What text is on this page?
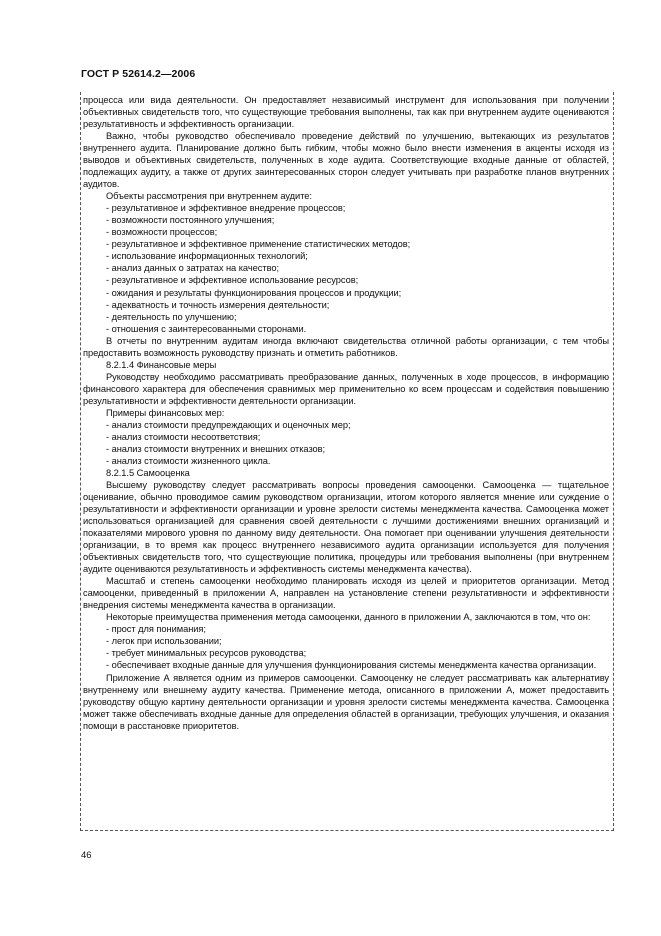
ГОСТ Р 52614.2—2006

процесса или вида деятельности. Он предоставляет независимый инструмент для использования при получении объективных свидетельств того, что существующие требования выполнены, так как при внутреннем аудите оцениваются результативность и эффективность организации.

Важно, чтобы руководство обеспечивало проведение действий по улучшению, вытекающих из результатов внутреннего аудита. Планирование должно быть гибким, чтобы можно было внести изменения в акценты исходя из выводов и объективных свидетельств, полученных в ходе аудита. Соответствующие входные данные от областей, подлежащих аудиту, а также от других заинтересованных сторон следует учитывать при разработке планов внутренних аудитов.

Объекты рассмотрения при внутреннем аудите:

- результативное и эффективное внедрение процессов;

- возможности постоянного улучшения;

- возможности процессов;

- результативное и эффективное применение статистических методов;

- использование информационных технологий;

- анализ данных о затратах на качество;

- результативное и эффективное использование ресурсов;

- ожидания и результаты функционирования процессов и продукции;

- адекватность и точность измерения деятельности;

- деятельность по улучшению;

- отношения с заинтересованными сторонами.

В отчеты по внутренним аудитам иногда включают свидетельства отличной работы организации, с тем чтобы предоставить возможность руководству признать и отметить работников.

8.2.1.4 Финансовые меры

Руководству необходимо рассматривать преобразование данных, полученных в ходе процессов, в информацию финансового характера для обеспечения сравнимых мер применительно ко всем процессам и содействия повышению результативности и эффективности деятельности организации.

Примеры финансовых мер:

- анализ стоимости предупреждающих и оценочных мер;

- анализ стоимости несоответствия;

- анализ стоимости внутренних и внешних отказов;

- анализ стоимости жизненного цикла.

8.2.1.5 Самооценка

Высшему руководству следует рассматривать вопросы проведения самооценки. Самооценка — тщательное оценивание, обычно проводимое самим руководством организации, итогом которого является мнение или суждение о результативности и эффективности организации и уровне зрелости системы менеджмента качества. Самооценка может использоваться организацией для сравнения своей деятельности с лучшими достижениями внешних организаций и показателями мирового уровня по данному виду деятельности. Она помогает при оценивании улучшения деятельности организации, в то время как процесс внутреннего независимого аудита организации используется для получения объективных свидетельств того, что существующие политика, процедуры или требования выполнены (при внутреннем аудите оцениваются результативность и эффективность системы менеджмента качества).

Масштаб и степень самооценки необходимо планировать исходя из целей и приоритетов организации. Метод самооценки, приведенный в приложении А, направлен на установление степени результативности и эффективности внедрения системы менеджмента качества в организации.

Некоторые преимущества применения метода самооценки, данного в приложении А, заключаются в том, что он:

- прост для понимания;

- легок при использовании;

- требует минимальных ресурсов руководства;

- обеспечивает входные данные для улучшения функционирования системы менеджмента качества организации.

Приложение А является одним из примеров самооценки. Самооценку не следует рассматривать как альтернативу внутреннему или внешнему аудиту качества. Применение метода, описанного в приложении А, может предоставить руководству общую картину деятельности организации и уровня зрелости системы менеджмента качества. Самооценка может также обеспечивать входные данные для определения областей в организации, требующих улучшения, и оказания помощи в расстановке приоритетов.

46
